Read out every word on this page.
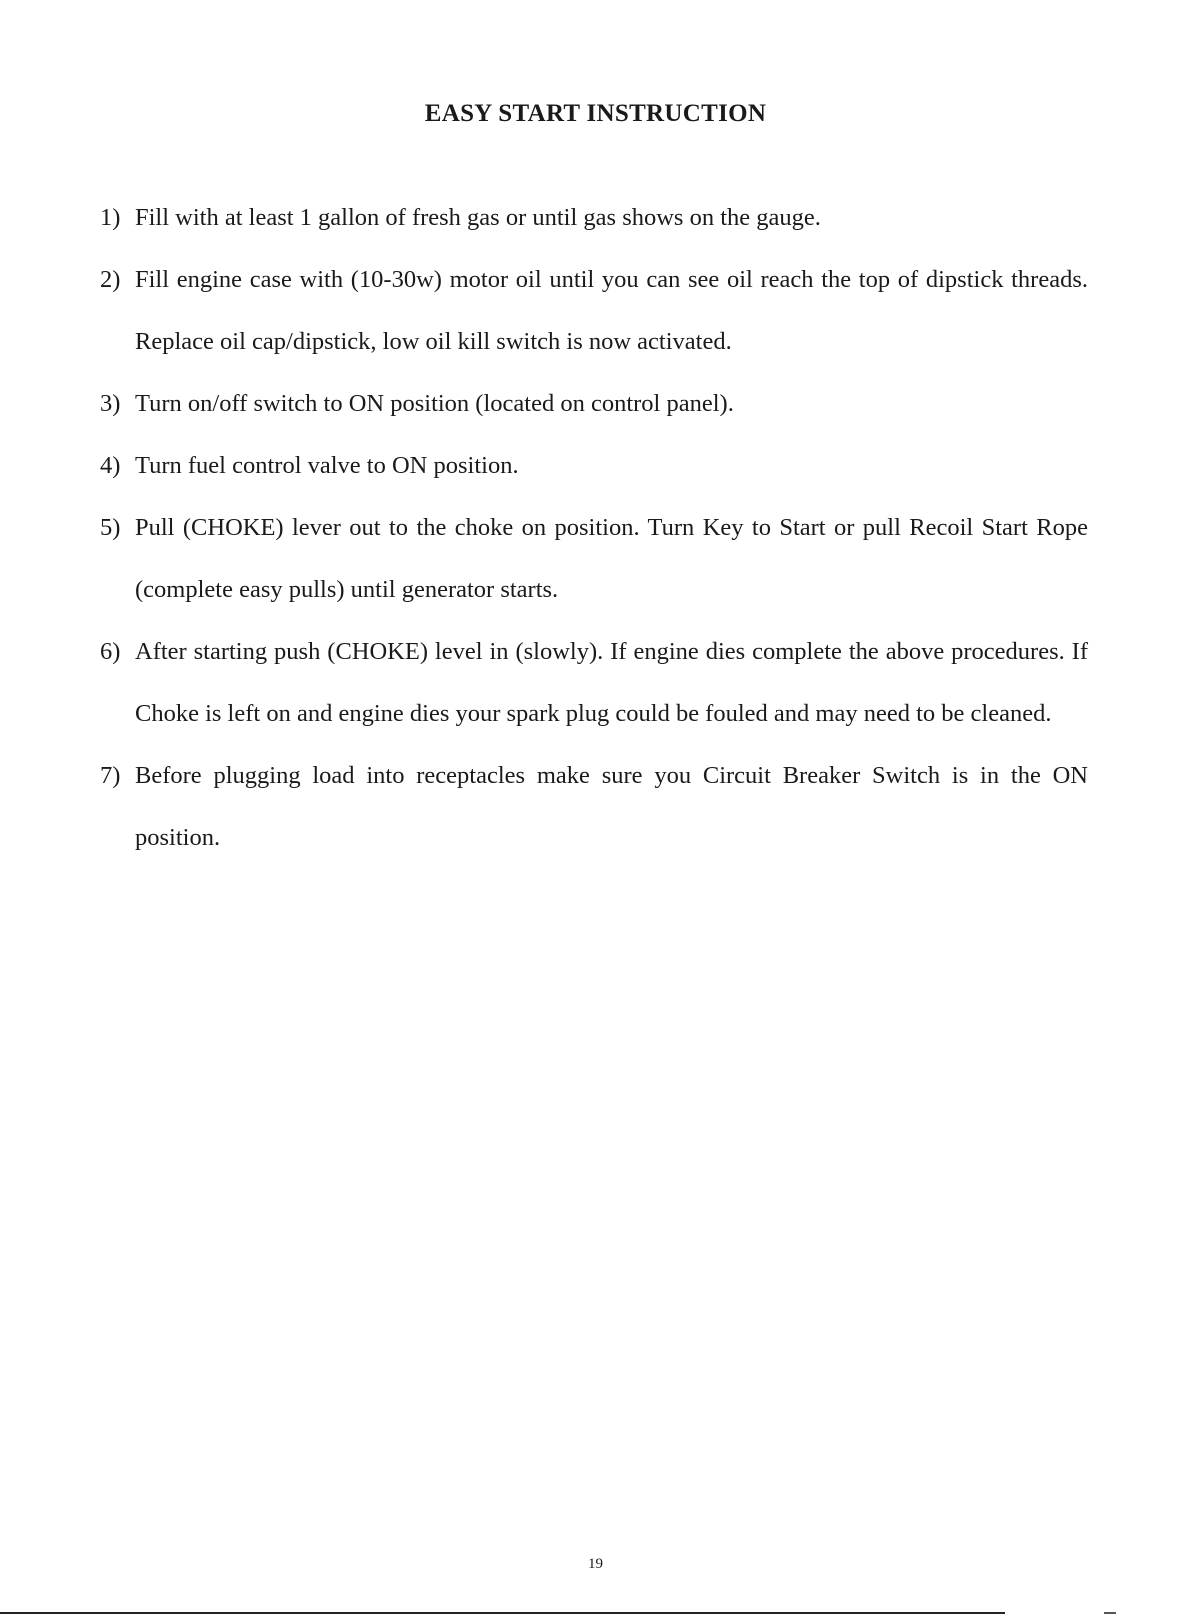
EASY START INSTRUCTION
1) Fill with at least 1 gallon of fresh gas or until gas shows on the gauge.
2) Fill engine case with (10-30w) motor oil until you can see oil reach the top of dipstick threads. Replace oil cap/dipstick, low oil kill switch is now activated.
3) Turn on/off switch to ON position (located on control panel).
4) Turn fuel control valve to ON position.
5) Pull (CHOKE) lever out to the choke on position. Turn Key to Start or pull Recoil Start Rope (complete easy pulls) until generator starts.
6) After starting push (CHOKE) level in (slowly). If engine dies complete the above procedures. If Choke is left on and engine dies your spark plug could be fouled and may need to be cleaned.
7) Before plugging load into receptacles make sure you Circuit Breaker Switch is in the ON position.
19
